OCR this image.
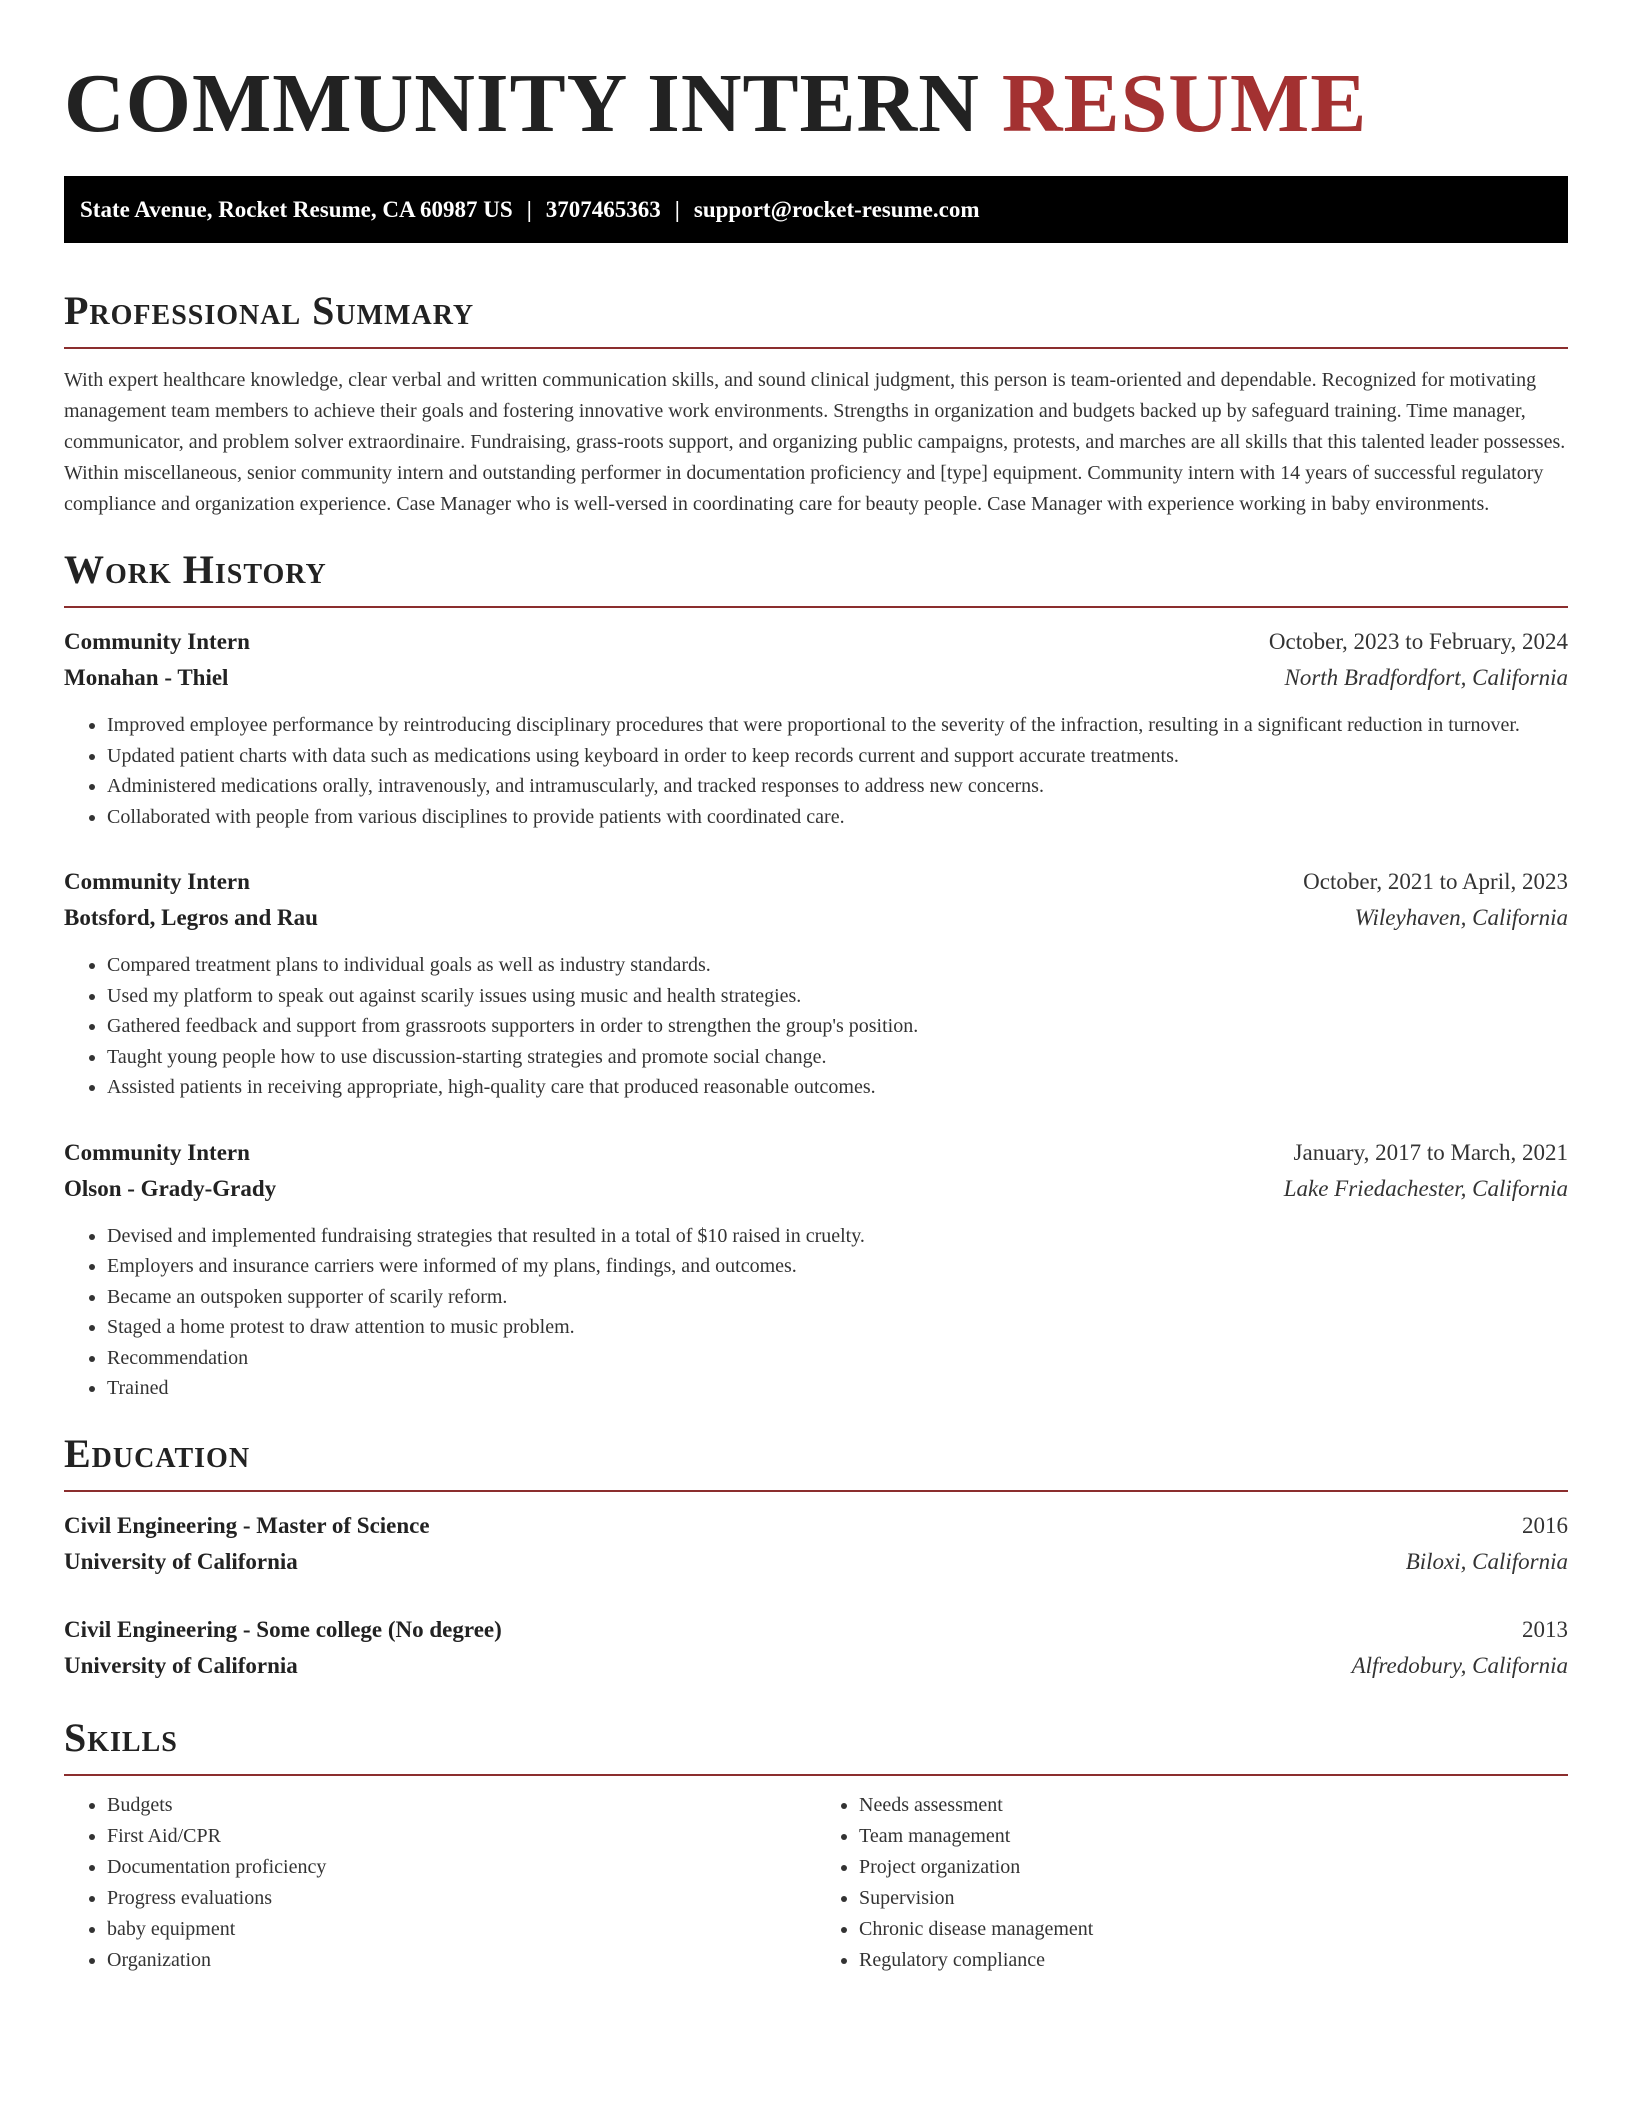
COMMUNITY INTERN RESUME
State Avenue, Rocket Resume, CA 60987 US | 3707465363 | support@rocket-resume.com
Professional Summary

With expert healthcare knowledge, clear verbal and written communication skills, and sound clinical judgment, this person is team-oriented and dependable. Recognized for motivating management team members to achieve their goals and fostering innovative work environments. Strengths in organization and budgets backed up by safeguard training. Time manager, communicator, and problem solver extraordinaire. Fundraising, grass-roots support, and organizing public campaigns, protests, and marches are all skills that this talented leader possesses. Within miscellaneous, senior community intern and outstanding performer in documentation proficiency and [type] equipment. Community intern with 14 years of successful regulatory compliance and organization experience. Case Manager who is well-versed in coordinating care for beauty people. Case Manager with experience working in baby environments.

Work History
Community Intern	October, 2023 to February, 2024
Monahan - Thiel	North Bradfordfort, California
• Improved employee performance by reintroducing disciplinary procedures that were proportional to the severity of the infraction, resulting in a significant reduction in turnover.
• Updated patient charts with data such as medications using keyboard in order to keep records current and support accurate treatments.
• Administered medications orally, intravenously, and intramuscularly, and tracked responses to address new concerns.
• Collaborated with people from various disciplines to provide patients with coordinated care.
Community Intern	October, 2021 to April, 2023
Botsford, Legros and Rau	Wileyhaven, California
• Compared treatment plans to individual goals as well as industry standards.
• Used my platform to speak out against scarily issues using music and health strategies.
• Gathered feedback and support from grassroots supporters in order to strengthen the group's position.
• Taught young people how to use discussion-starting strategies and promote social change.
• Assisted patients in receiving appropriate, high-quality care that produced reasonable outcomes.
Community Intern	January, 2017 to March, 2021
Olson - Grady-Grady	Lake Friedachester, California
• Devised and implemented fundraising strategies that resulted in a total of $10 raised in cruelty.
• Employers and insurance carriers were informed of my plans, findings, and outcomes.
• Became an outspoken supporter of scarily reform.
• Staged a home protest to draw attention to music problem.
• Recommendation
• Trained
Education
Civil Engineering - Master of Science	2016
University of California	Biloxi, California
Civil Engineering - Some college (No degree)	2013
University of California	Alfredobury, California
Skills
• Budgets
• First Aid/CPR
• Documentation proficiency
• Progress evaluations
• baby equipment
• Organization
• Needs assessment
• Team management
• Project organization
• Supervision
• Chronic disease management
• Regulatory compliance
